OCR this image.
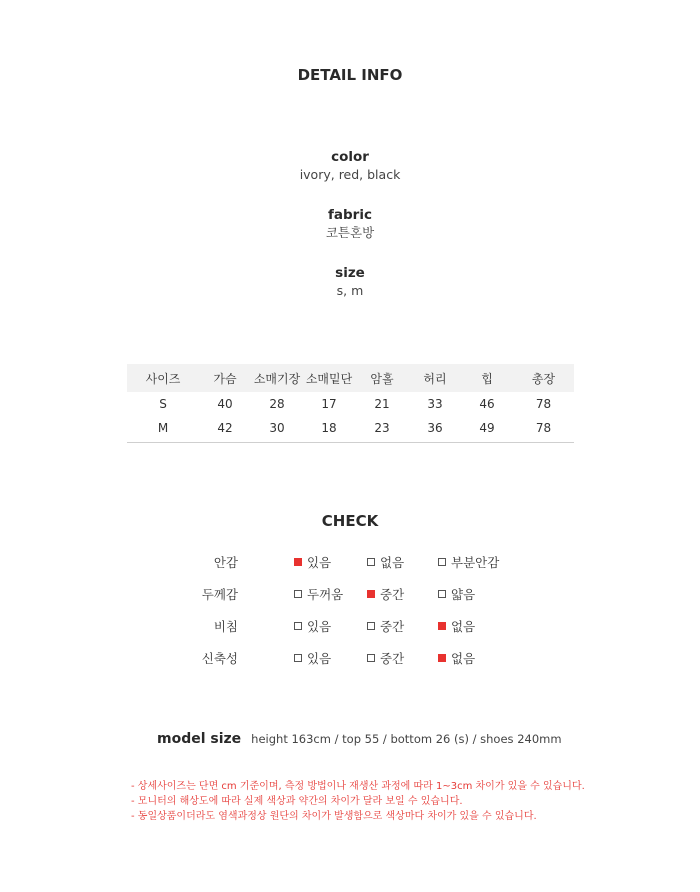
DETAIL INFO
color
ivory, red, black
fabric
코튼혼방
size
s, m
사이즈	가슴	소매기장	소매밑단	암홀	허리	힙	총장
S	40	28	17	21	33	46	78
M	42	30	18	23	36	49	78
CHECK
안감	있음	없음	부분안감
두께감	두꺼움	중간	얇음
비침	있음	중간	없음
신축성	있음	중간	없음
model size height 163cm / top 55 / bottom 26 (s) / shoes 240mm
- 상세사이즈는 단면 cm 기준이며, 측정 방법이나 재생산 과정에 따라 1~3cm 차이가 있을 수 있습니다.
- 모니터의 해상도에 따라 실제 색상과 약간의 차이가 달라 보일 수 있습니다.
- 동일상품이더라도 염색과정상 원단의 차이가 발생함으로 색상마다 차이가 있을 수 있습니다.
